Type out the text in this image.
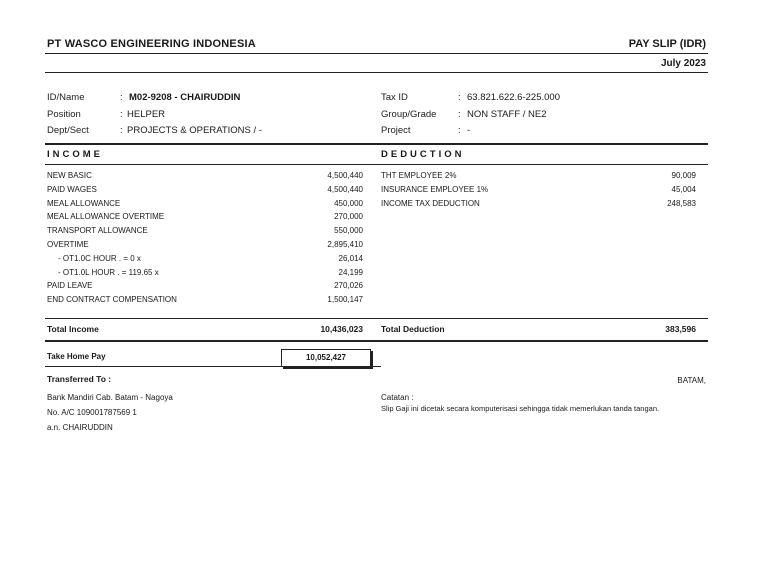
PT WASCO ENGINEERING INDONESIA	PAY SLIP (IDR)
July 2023
ID/Name	: M02-9208 - CHAIRUDDIN
Position	: HELPER
Dept/Sect	: PROJECTS & OPERATIONS / -
Tax ID	: 63.821.622.6-225.000
Group/Grade : NON STAFF / NE2
Project	: -
INCOME	DEDUCTION
NEW BASIC	4,500,440
PAID WAGES	4,500,440
MEAL ALLOWANCE	450,000
MEAL ALLOWANCE OVERTIME	270,000
TRANSPORT ALLOWANCE	550,000
OVERTIME	2,895,410
- OT1.0C HOUR . = 0 x	26,014
- OT1.0L HOUR . = 119.65 x	24,199
PAID LEAVE	270,026
END CONTRACT COMPENSATION	1,500,147
THT EMPLOYEE 2%	90,009
INSURANCE EMPLOYEE 1%	45,004
INCOME TAX DEDUCTION	248,583
Total Income	10,436,023 Total Deduction	383,596
Take Home Pay	10,052,427
Transferred To :	BATAM,
Bank Mandiri Cab. Batam - Nagoya
No. A/C 109001787569 1
a.n. CHAIRUDDIN
Catatan :
Slip Gaji ini dicetak secara komputerisasi sehingga tidak memerlukan tanda tangan.
